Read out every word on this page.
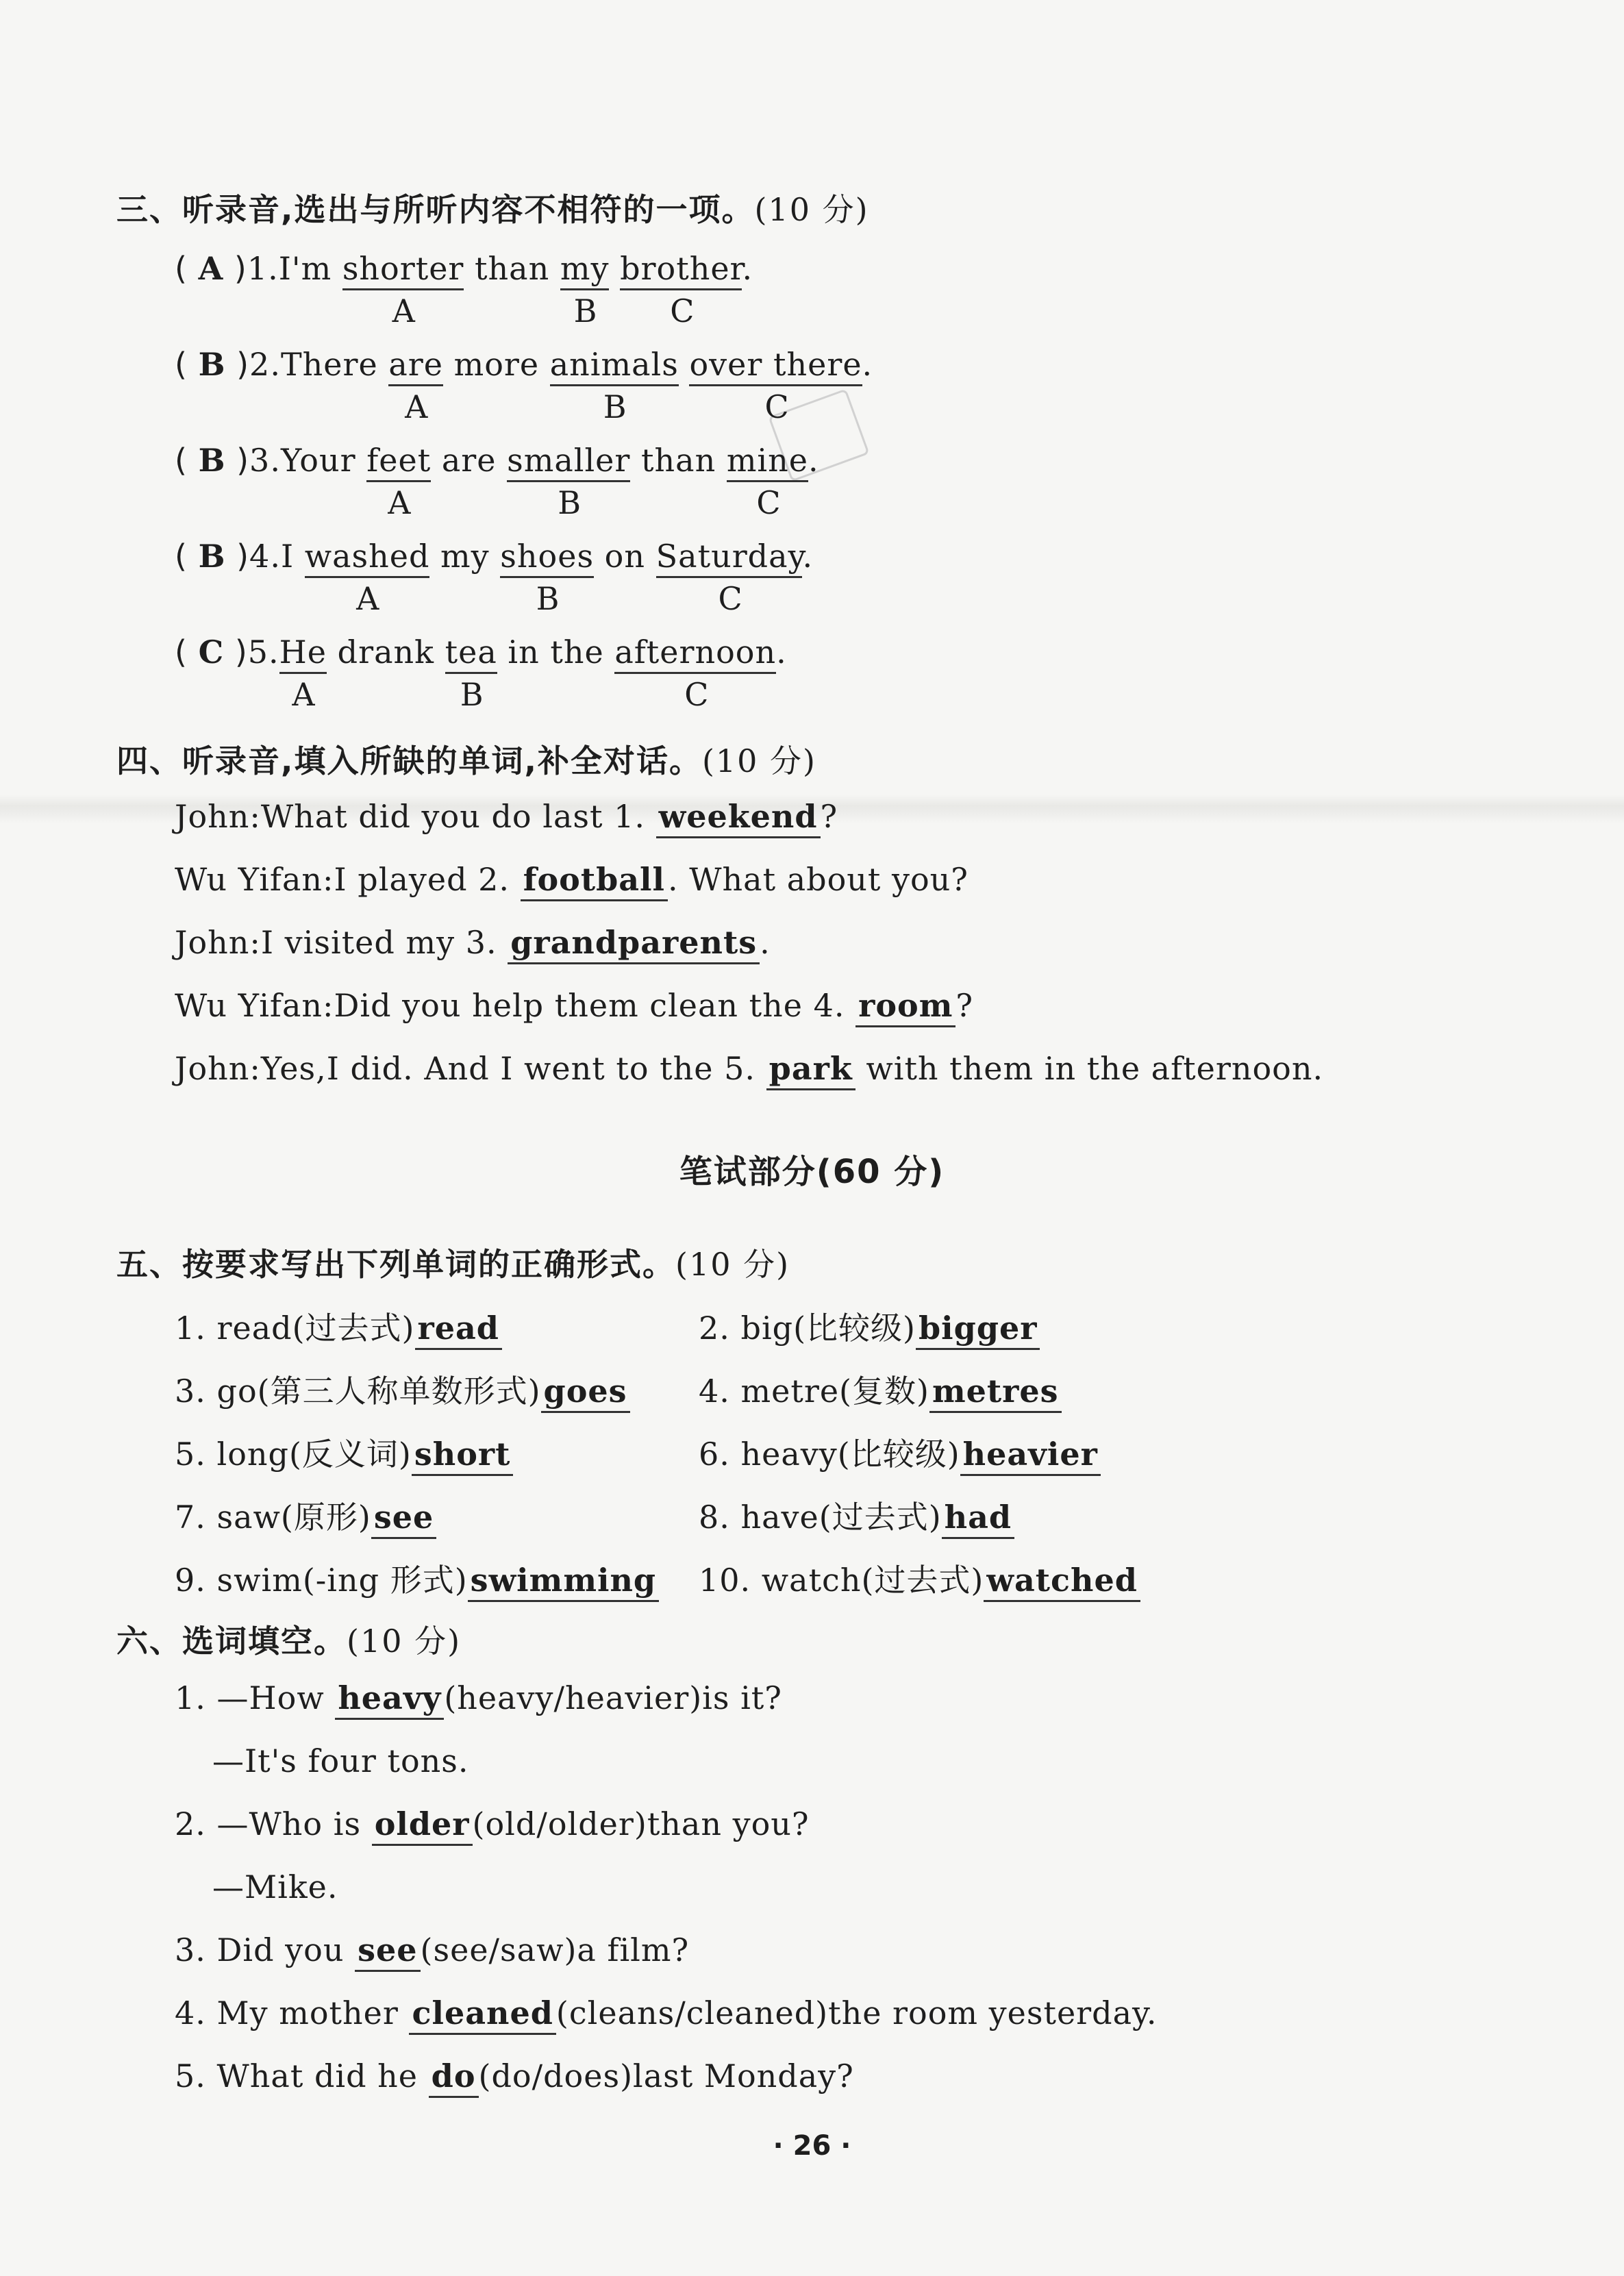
三、听录音,选出与所听内容不相符的一项。(10 分)
( A )1.I'm shorter than my brother.
A	B C
( B )2.There are more animals over there.
A	B	C
( B )3.Your feet are smaller than mine.
A	B	C
( B )4.I washed my shoes on Saturday.
A	B	C
( C )5.He drank tea in the afternoon.
A	B	C
四、听录音,填入所缺的单词,补全对话。(10 分)
John:What did you do last 1. weekend?
Wu Yifan:I played 2. football. What about you?
John:I visited my 3. grandparents.
Wu Yifan:Did you help them clean the 4. room?
John:Yes,I did. And I went to the 5. park with them in the afternoon.
笔试部分(60 分)
五、按要求写出下列单词的正确形式。(10 分)
1. read(过去式)read	2. big(比较级)bigger
3. go(第三人称单数形式)goes 4. metre(复数)metres
5. long(反义词)short	6. heavy(比较级)heavier
7. saw(原形)see	8. have(过去式)had
9. swim(-ing 形式)swimming 10. watch(过去式)watched
六、选词填空。(10 分)
1. —How heavy(heavy/heavier)is it?
—It's four tons.
2. —Who is older(old/older)than you?
—Mike.
3. Did you see(see/saw)a film?
4. My mother cleaned(cleans/cleaned)the room yesterday.
5. What did he do(do/does)last Monday?
· 26 ·
